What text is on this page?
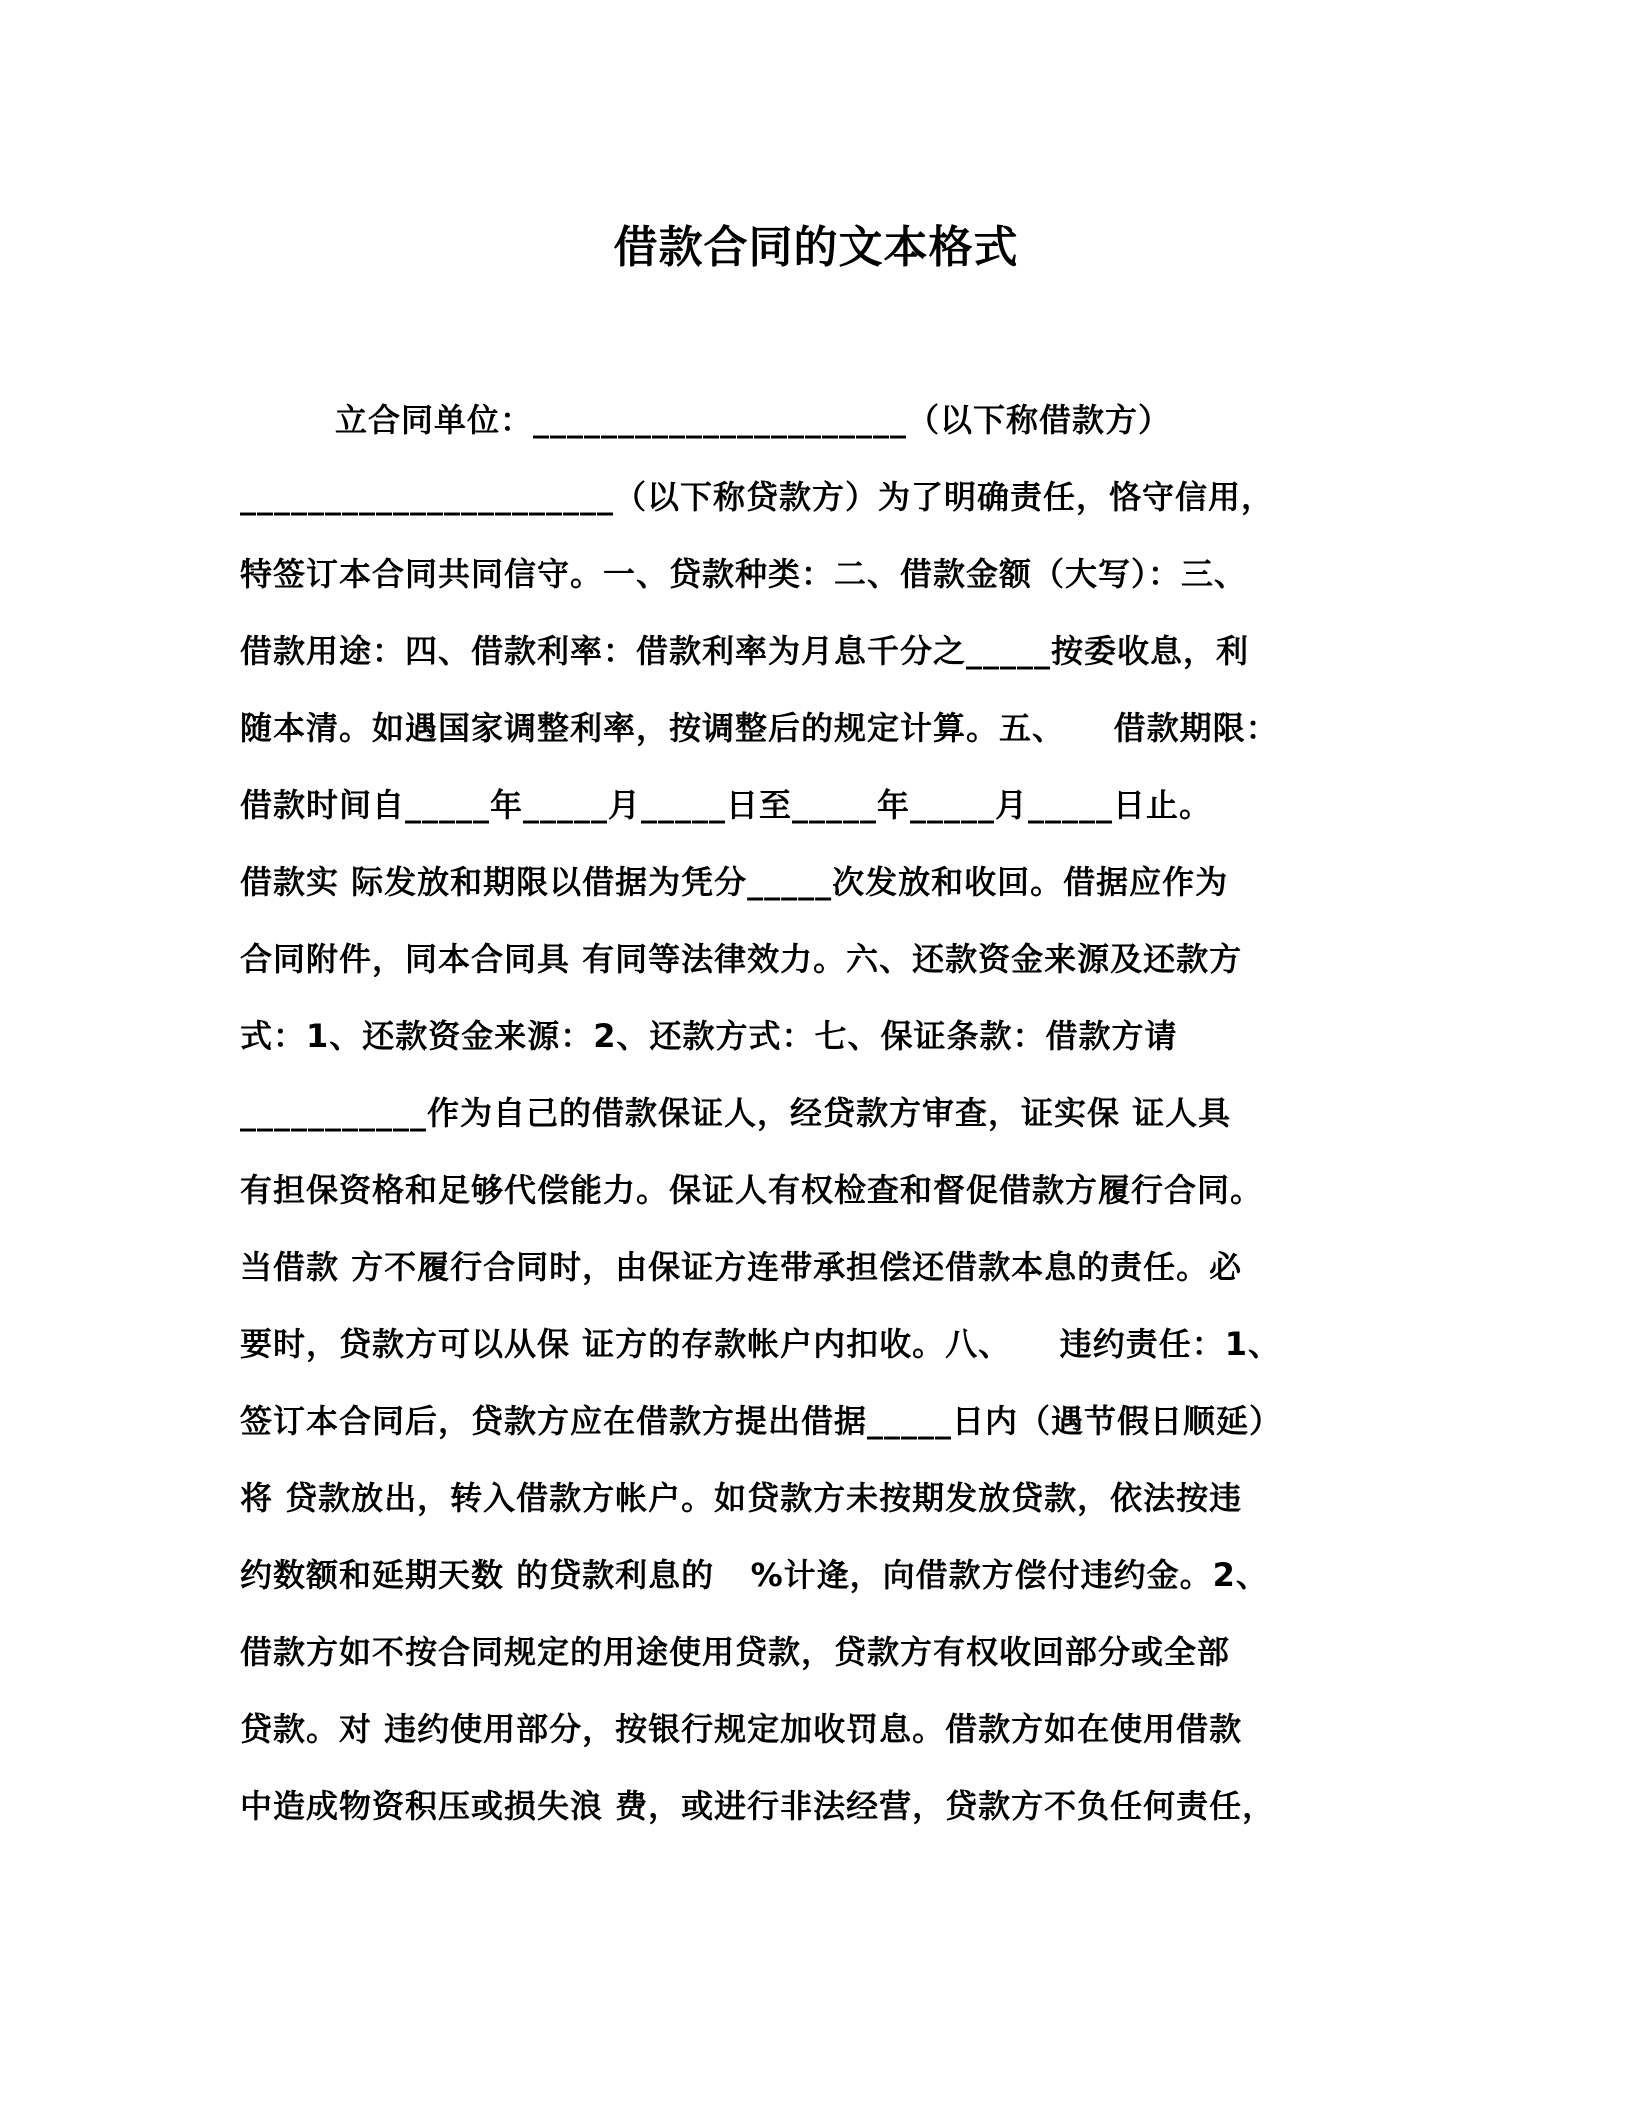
借款合同的文本格式
立合同单位：______________________（以下称借款方）
______________________（以下称贷款方）为了明确责任，恪守信用，
特签订本合同共同信守。一、贷款种类：二、借款金额（大写）：三、
借款用途：四、借款利率：借款利率为月息千分之_____按委收息，利
随本清。如遇国家调整利率，按调整后的规定计算。五、    借款期限：
借款时间自_____年_____月_____日至_____年_____月_____日止。
借款实 际发放和期限以借据为凭分_____次发放和收回。借据应作为
合同附件，同本合同具 有同等法律效力。六、还款资金来源及还款方
式：1、还款资金来源：2、还款方式：七、保证条款：借款方请
___________作为自己的借款保证人，经贷款方审查，证实保 证人具
有担保资格和足够代偿能力。保证人有权检查和督促借款方履行合同。
当借款 方不履行合同时，由保证方连带承担偿还借款本息的责任。必
要时，贷款方可以从保 证方的存款帐户内扣收。八、    违约责任：1、
签订本合同后，贷款方应在借款方提出借据_____日内（遇节假日顺延）
将 贷款放出，转入借款方帐户。如贷款方未按期发放贷款，依法按违
约数额和延期天数 的贷款利息的   %计逄，向借款方偿付违约金。2、
借款方如不按合同规定的用途使用贷款，贷款方有权收回部分或全部
贷款。对 违约使用部分，按银行规定加收罚息。借款方如在使用借款
中造成物资积压或损失浪 费，或进行非法经营，贷款方不负任何责任，
